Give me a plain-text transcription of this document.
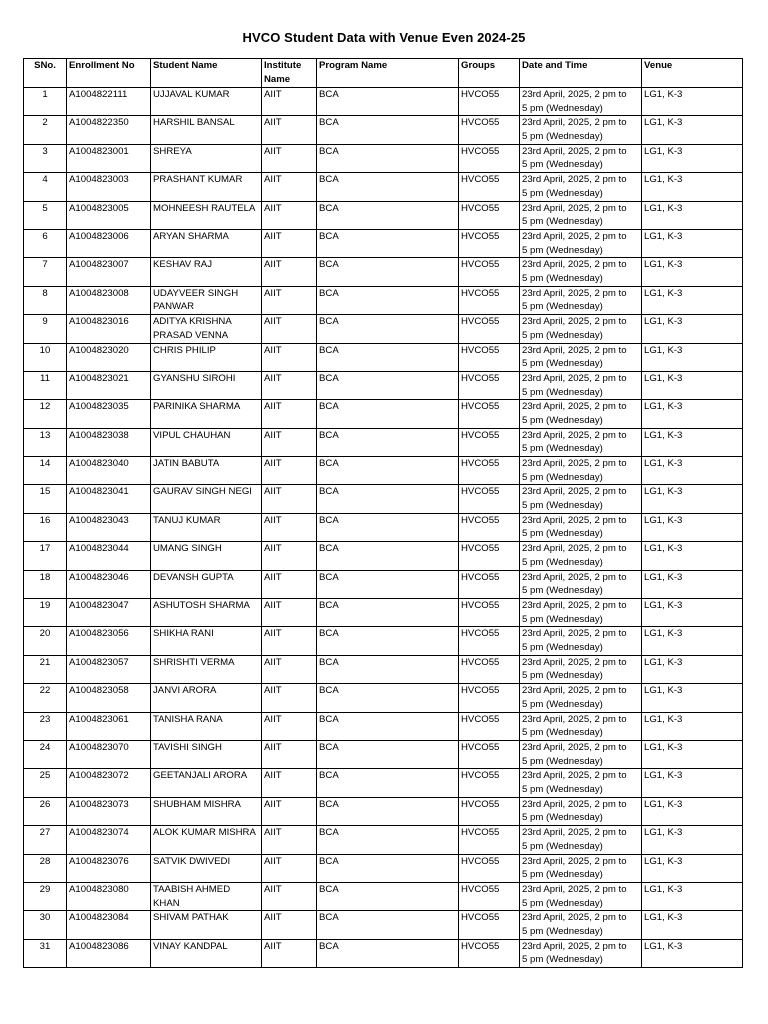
HVCO Student Data with Venue Even 2024-25
SNo.	Enrollment No	Student Name	Institute Name	Program Name	Groups	Date and Time	Venue
1	A1004822111	UJJAVAL KUMAR	AIIT	BCA	HVCO55	23rd April, 2025, 2 pm to
5 pm (Wednesday)	LG1, K-3
2	A1004822350	HARSHIL BANSAL	AIIT	BCA	HVCO55	23rd April, 2025, 2 pm to
5 pm (Wednesday)	LG1, K-3
3	A1004823001	SHREYA	AIIT	BCA	HVCO55	23rd April, 2025, 2 pm to
5 pm (Wednesday)	LG1, K-3
4	A1004823003	PRASHANT KUMAR	AIIT	BCA	HVCO55	23rd April, 2025, 2 pm to
5 pm (Wednesday)	LG1, K-3
5	A1004823005	MOHNEESH RAUTELA	AIIT	BCA	HVCO55	23rd April, 2025, 2 pm to
5 pm (Wednesday)	LG1, K-3
6	A1004823006	ARYAN SHARMA	AIIT	BCA	HVCO55	23rd April, 2025, 2 pm to
5 pm (Wednesday)	LG1, K-3
7	A1004823007	KESHAV RAJ	AIIT	BCA	HVCO55	23rd April, 2025, 2 pm to
5 pm (Wednesday)	LG1, K-3
8	A1004823008	UDAYVEER SINGH PANWAR	AIIT	BCA	HVCO55	23rd April, 2025, 2 pm to
5 pm (Wednesday)	LG1, K-3
9	A1004823016	ADITYA KRISHNA PRASAD VENNA	AIIT	BCA	HVCO55	23rd April, 2025, 2 pm to
5 pm (Wednesday)	LG1, K-3
10	A1004823020	CHRIS PHILIP	AIIT	BCA	HVCO55	23rd April, 2025, 2 pm to
5 pm (Wednesday)	LG1, K-3
11	A1004823021	GYANSHU SIROHI	AIIT	BCA	HVCO55	23rd April, 2025, 2 pm to
5 pm (Wednesday)	LG1, K-3
12	A1004823035	PARINIKA SHARMA	AIIT	BCA	HVCO55	23rd April, 2025, 2 pm to
5 pm (Wednesday)	LG1, K-3
13	A1004823038	VIPUL CHAUHAN	AIIT	BCA	HVCO55	23rd April, 2025, 2 pm to
5 pm (Wednesday)	LG1, K-3
14	A1004823040	JATIN BABUTA	AIIT	BCA	HVCO55	23rd April, 2025, 2 pm to
5 pm (Wednesday)	LG1, K-3
15	A1004823041	GAURAV SINGH NEGI	AIIT	BCA	HVCO55	23rd April, 2025, 2 pm to
5 pm (Wednesday)	LG1, K-3
16	A1004823043	TANUJ KUMAR	AIIT	BCA	HVCO55	23rd April, 2025, 2 pm to
5 pm (Wednesday)	LG1, K-3
17	A1004823044	UMANG SINGH	AIIT	BCA	HVCO55	23rd April, 2025, 2 pm to
5 pm (Wednesday)	LG1, K-3
18	A1004823046	DEVANSH GUPTA	AIIT	BCA	HVCO55	23rd April, 2025, 2 pm to
5 pm (Wednesday)	LG1, K-3
19	A1004823047	ASHUTOSH SHARMA	AIIT	BCA	HVCO55	23rd April, 2025, 2 pm to
5 pm (Wednesday)	LG1, K-3
20	A1004823056	SHIKHA RANI	AIIT	BCA	HVCO55	23rd April, 2025, 2 pm to
5 pm (Wednesday)	LG1, K-3
21	A1004823057	SHRISHTI VERMA	AIIT	BCA	HVCO55	23rd April, 2025, 2 pm to
5 pm (Wednesday)	LG1, K-3
22	A1004823058	JANVI ARORA	AIIT	BCA	HVCO55	23rd April, 2025, 2 pm to
5 pm (Wednesday)	LG1, K-3
23	A1004823061	TANISHA RANA	AIIT	BCA	HVCO55	23rd April, 2025, 2 pm to
5 pm (Wednesday)	LG1, K-3
24	A1004823070	TAVISHI SINGH	AIIT	BCA	HVCO55	23rd April, 2025, 2 pm to
5 pm (Wednesday)	LG1, K-3
25	A1004823072	GEETANJALI ARORA	AIIT	BCA	HVCO55	23rd April, 2025, 2 pm to
5 pm (Wednesday)	LG1, K-3
26	A1004823073	SHUBHAM MISHRA	AIIT	BCA	HVCO55	23rd April, 2025, 2 pm to
5 pm (Wednesday)	LG1, K-3
27	A1004823074	ALOK KUMAR MISHRA	AIIT	BCA	HVCO55	23rd April, 2025, 2 pm to
5 pm (Wednesday)	LG1, K-3
28	A1004823076	SATVIK DWIVEDI	AIIT	BCA	HVCO55	23rd April, 2025, 2 pm to
5 pm (Wednesday)	LG1, K-3
29	A1004823080	TAABISH AHMED KHAN	AIIT	BCA	HVCO55	23rd April, 2025, 2 pm to
5 pm (Wednesday)	LG1, K-3
30	A1004823084	SHIVAM PATHAK	AIIT	BCA	HVCO55	23rd April, 2025, 2 pm to
5 pm (Wednesday)	LG1, K-3
31	A1004823086	VINAY KANDPAL	AIIT	BCA	HVCO55	23rd April, 2025, 2 pm to
5 pm (Wednesday)	LG1, K-3
